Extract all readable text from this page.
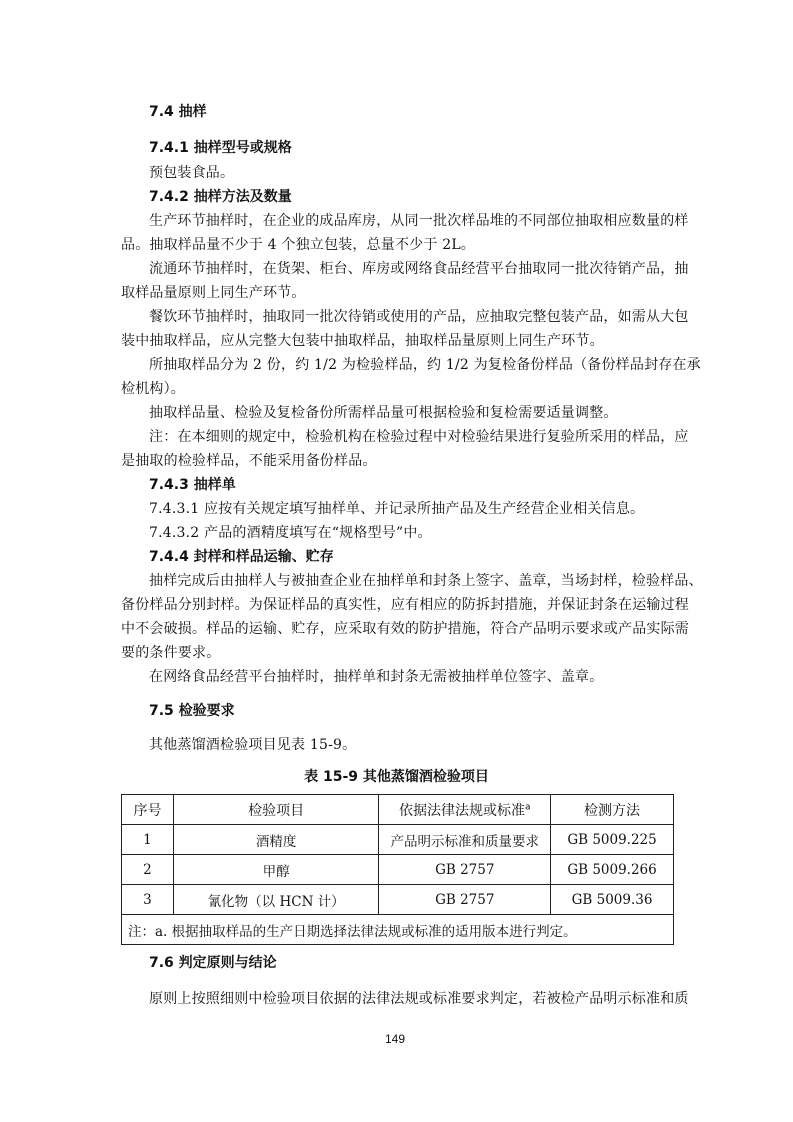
7.4 抽样
7.4.1 抽样型号或规格
预包装食品。
7.4.2 抽样方法及数量
生产环节抽样时，在企业的成品库房，从同一批次样品堆的不同部位抽取相应数量的样
品。抽取样品量不少于 4 个独立包装，总量不少于 2L。
流通环节抽样时，在货架、柜台、库房或网络食品经营平台抽取同一批次待销产品，抽
取样品量原则上同生产环节。
餐饮环节抽样时，抽取同一批次待销或使用的产品，应抽取完整包装产品，如需从大包
装中抽取样品，应从完整大包装中抽取样品，抽取样品量原则上同生产环节。
所抽取样品分为 2 份，约 1/2 为检验样品，约 1/2 为复检备份样品（备份样品封存在承
检机构）。
抽取样品量、检验及复检备份所需样品量可根据检验和复检需要适量调整。
注：在本细则的规定中，检验机构在检验过程中对检验结果进行复验所采用的样品，应
是抽取的检验样品，不能采用备份样品。
7.4.3 抽样单
7.4.3.1 应按有关规定填写抽样单、并记录所抽产品及生产经营企业相关信息。
7.4.3.2 产品的酒精度填写在“规格型号”中。
7.4.4 封样和样品运输、贮存
抽样完成后由抽样人与被抽查企业在抽样单和封条上签字、盖章，当场封样，检验样品、
备份样品分别封样。为保证样品的真实性，应有相应的防拆封措施，并保证封条在运输过程
中不会破损。样品的运输、贮存，应采取有效的防护措施，符合产品明示要求或产品实际需
要的条件要求。
在网络食品经营平台抽样时，抽样单和封条无需被抽样单位签字、盖章。
7.5 检验要求
其他蒸馏酒检验项目见表 15-9。
表 15-9 其他蒸馏酒检验项目
序号	检验项目	依据法律法规或标准$^a$	检测方法
1	酒精度	产品明示标准和质量要求	GB 5009.225
2	甲醇	GB 2757	GB 5009.266
3	氰化物（以 HCN 计）	GB 2757	GB 5009.36
注：a. 根据抽取样品的生产日期选择法律法规或标准的适用版本进行判定。			
7.6 判定原则与结论
原则上按照细则中检验项目依据的法律法规或标准要求判定，若被检产品明示标准和质
149
